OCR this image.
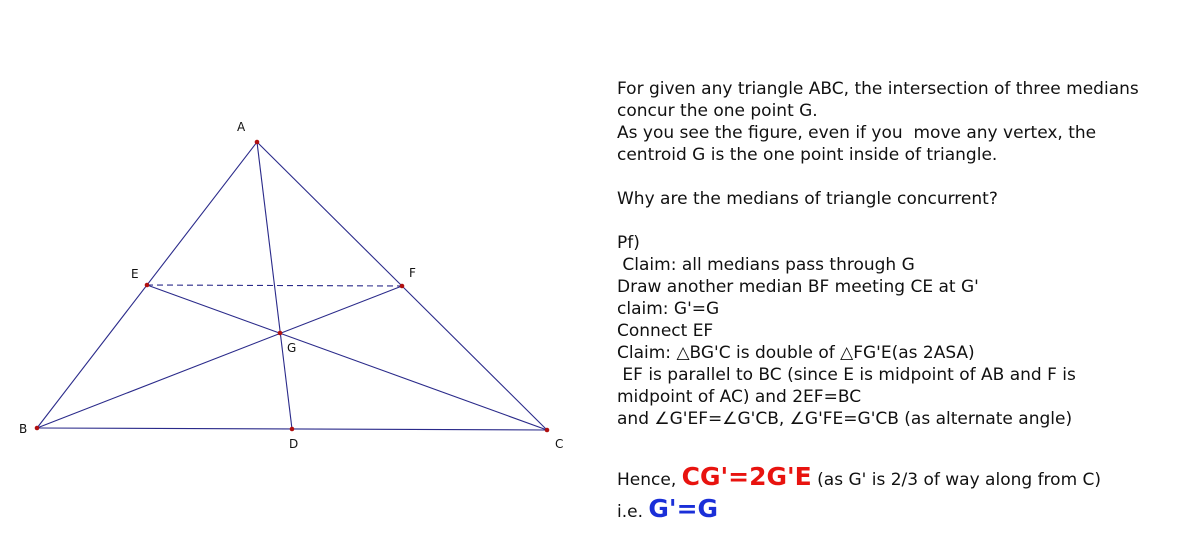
A
B
C
D
E	F
G
For given any triangle ABC, the intersection of three medians
concur the one point G.
As you see the figure, even if you  move any vertex, the
centroid G is the one point inside of triangle.
Why are the medians of triangle concurrent?
Pf)
Claim: all medians pass through G
Draw another median BF meeting CE at G'
claim: G'=G
Connect EF
Claim: △BG'C is double of △FG'E(as 2ASA)
EF is parallel to BC (since E is midpoint of AB and F is
midpoint of AC) and 2EF=BC
and ∠G'EF=∠G'CB, ∠G'FE=G'CB (as alternate angle)
Hence, CG'=2G'E (as G' is 2/3 of way along from C)
i.e. G'=G
